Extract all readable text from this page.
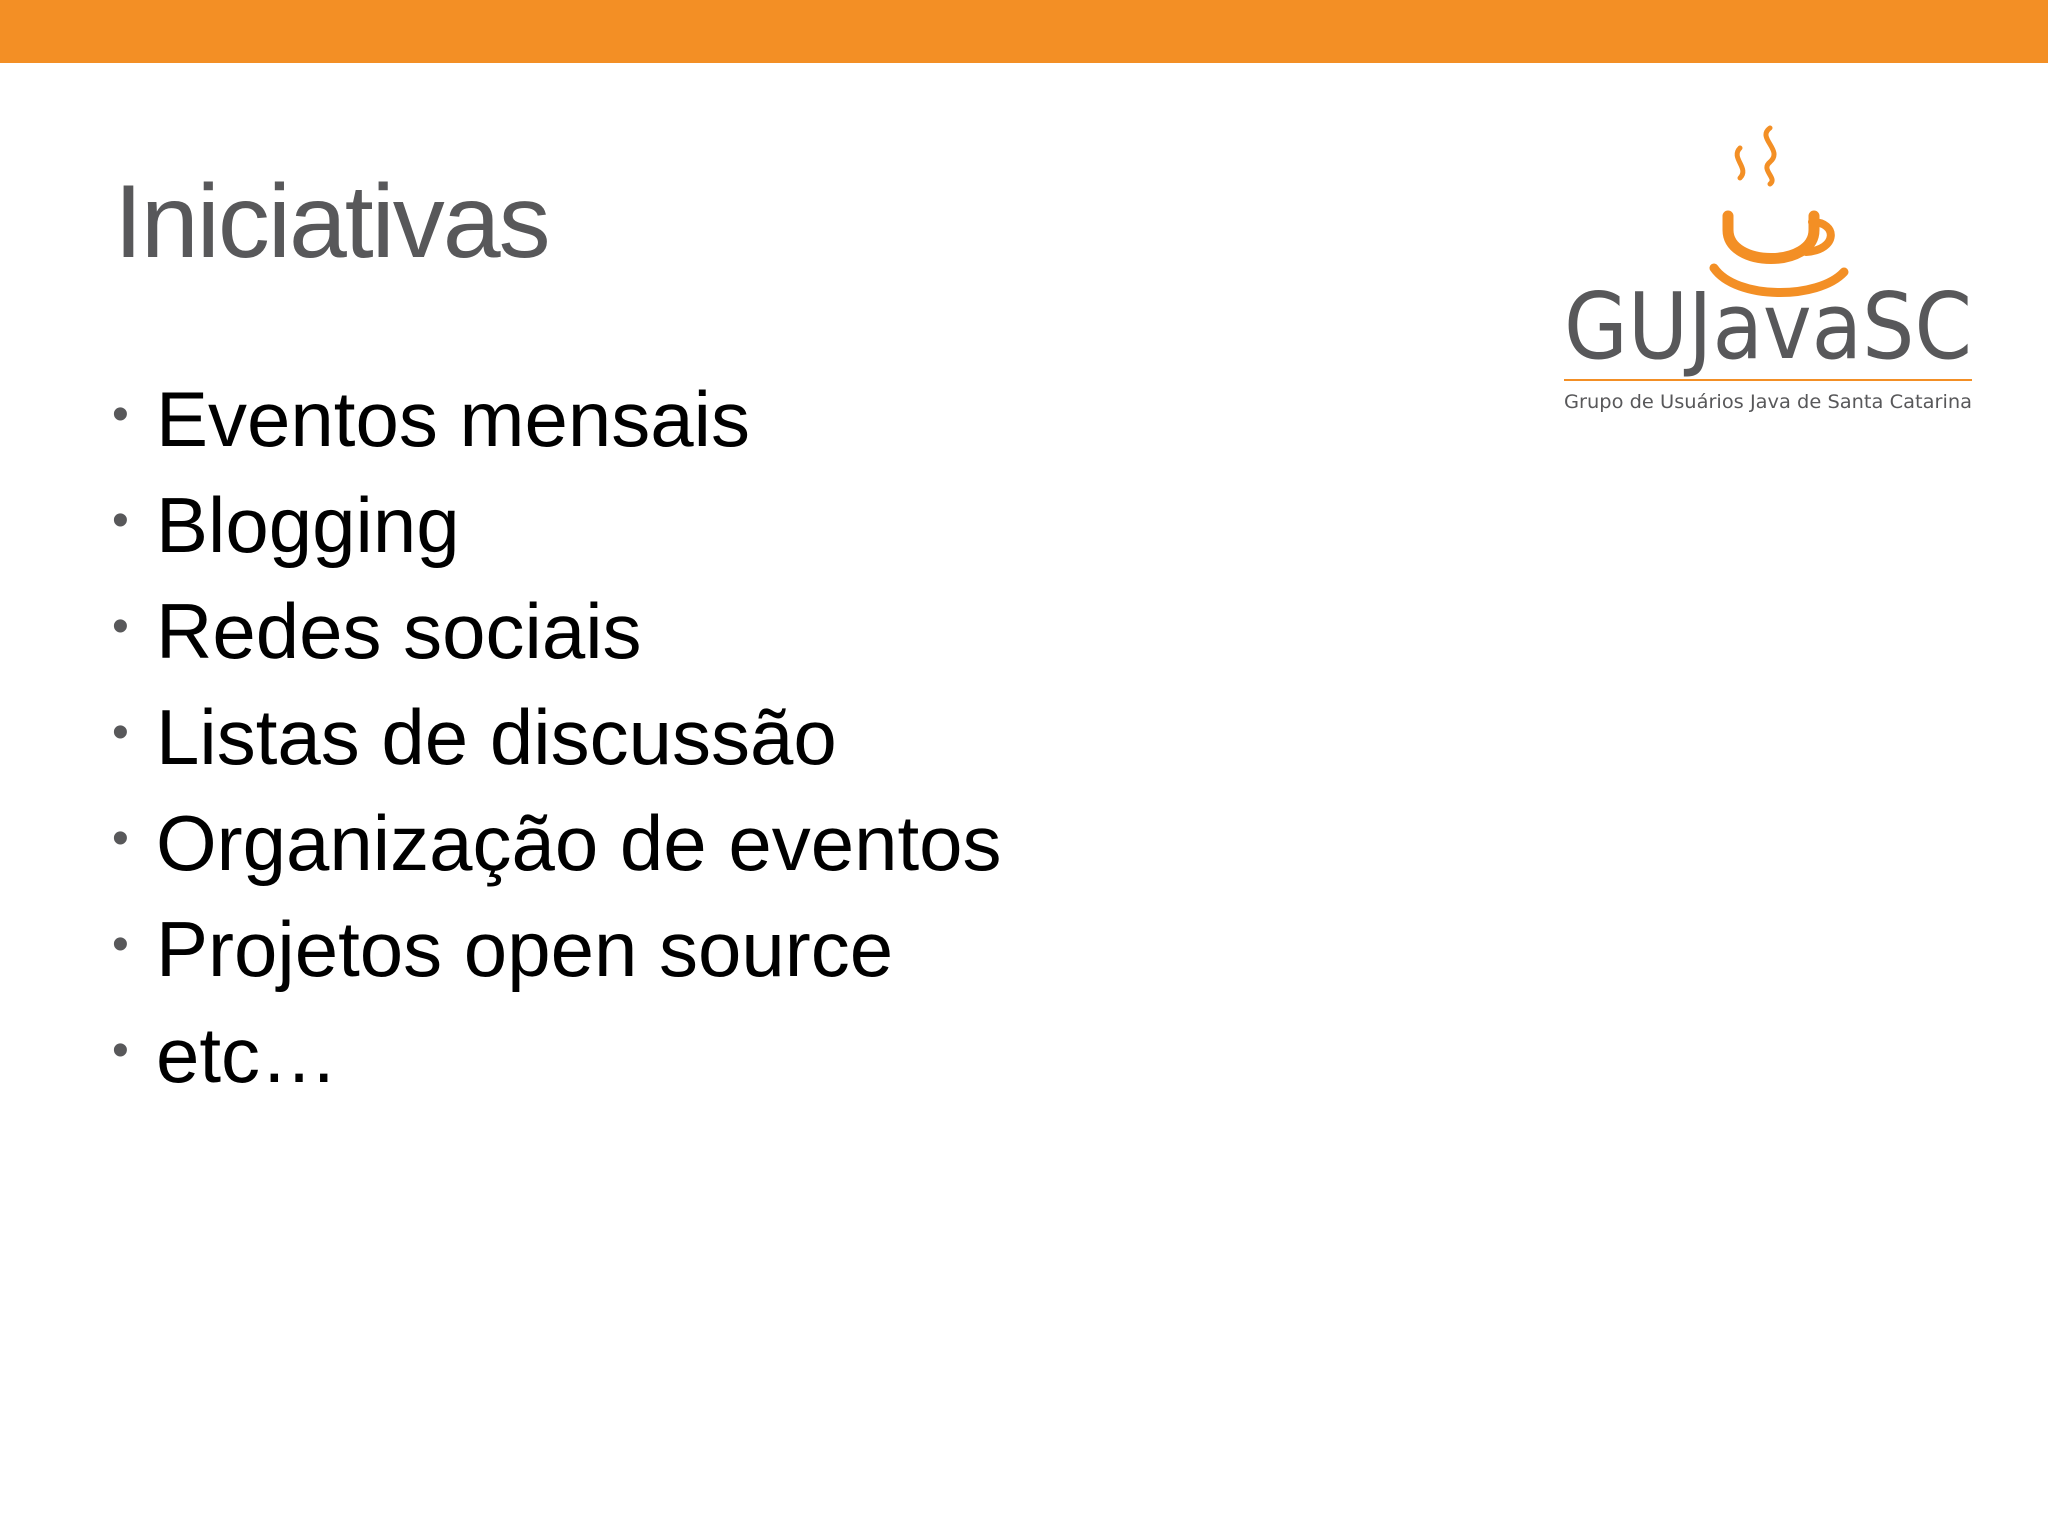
Iniciativas
• Eventos mensais
• Blogging
• Redes sociais
• Listas de discussão
• Organização de eventos
• Projetos open source
• etc…
GUJavaSC
Grupo de Usuários Java de Santa Catarina
